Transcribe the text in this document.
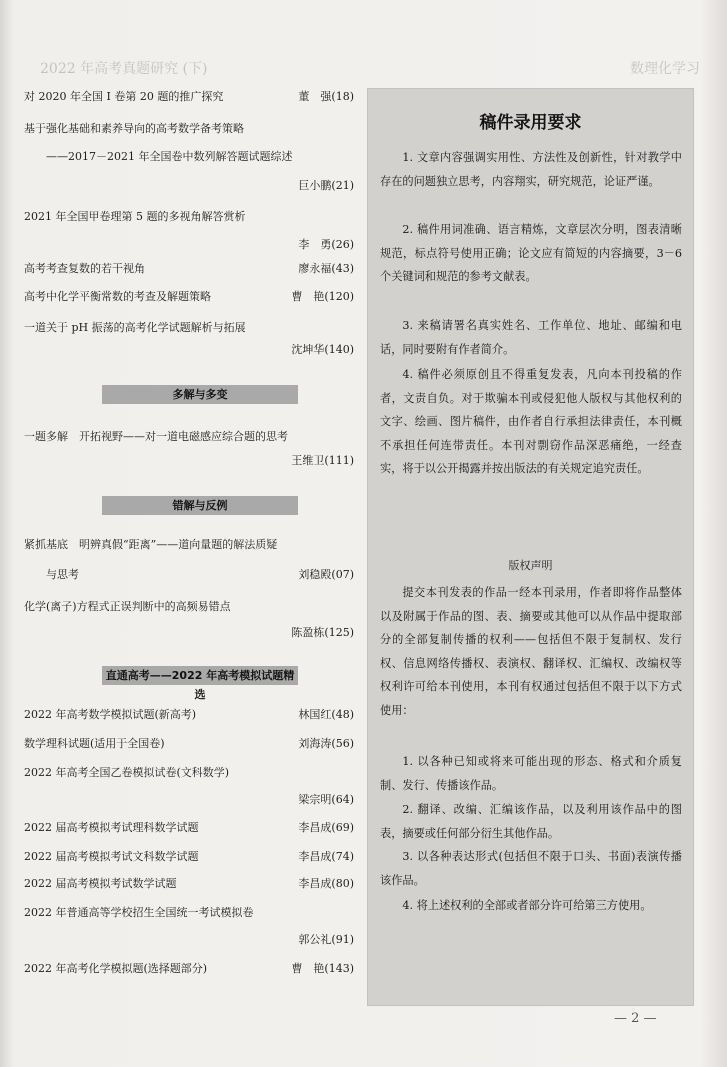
2022 年高考真题研究 (下)	数理化学习
对 2020 年全国 Ⅰ 卷第 20 题的推广探究	董　强(18)
基于强化基础和素养导向的高考数学备考策略
——2017－2021 年全国卷中数列解答题试题综述
巨小鹏(21)
2021 年全国甲卷理第 5 题的多视角解答赏析
李　勇(26)
高考考查复数的若干视角	廖永福(43)
高考中化学平衡常数的考查及解题策略	曹　艳(120)
一道关于 pH 振荡的高考化学试题解析与拓展
沈坤华(140)
多解与多变
一题多解　开拓视野——对一道电磁感应综合题的思考
王维卫(111)
错解与反例
紧抓基底　明辨真假“距离”——道向量题的解法质疑
与思考	刘稳殿(07)
化学(离子)方程式正误判断中的高频易错点
陈盈栋(125)
直通高考——2022 年高考模拟试题精选
2022 年高考数学模拟试题(新高考)	林国红(48)
数学理科试题(适用于全国卷)	刘海涛(56)
2022 年高考全国乙卷模拟试卷(文科数学)
梁宗明(64)
2022 届高考模拟考试理科数学试题	李昌成(69)
2022 届高考模拟考试文科数学试题	李昌成(74)
2022 届高考模拟考试数学试题	李昌成(80)
2022 年普通高等学校招生全国统一考试模拟卷
郭公礼(91)
2022 年高考化学模拟题(选择题部分)	曹　艳(143)
稿件录用要求
1. 文章内容强调实用性、方法性及创新性，针对教学中存在的问题独立思考，内容翔实，研究规范，论证严谨。
2. 稿件用词准确、语言精炼，文章层次分明，图表清晰规范，标点符号使用正确；论文应有简短的内容摘要，3－6 个关键词和规范的参考文献表。
3. 来稿请署名真实姓名、工作单位、地址、邮编和电话，同时要附有作者简介。
4. 稿件必须原创且不得重复发表，凡向本刊投稿的作者，文责自负。对于欺骗本刊或侵犯他人版权与其他权利的文字、绘画、图片稿件，由作者自行承担法律责任，本刊概不承担任何连带责任。本刊对剽窃作品深恶痛绝，一经查实，将于以公开揭露并按出版法的有关规定追究责任。
版权声明
提交本刊发表的作品一经本刊录用，作者即将作品整体以及附属于作品的图、表、摘要或其他可以从作品中提取部分的全部复制传播的权利——包括但不限于复制权、发行权、信息网络传播权、表演权、翻译权、汇编权、改编权等权利许可给本刊使用，本刊有权通过包括但不限于以下方式使用：
1. 以各种已知或将来可能出现的形态、格式和介质复制、发行、传播该作品。
2. 翻译、改编、汇编该作品，以及利用该作品中的图表，摘要或任何部分衍生其他作品。
3. 以各种表达形式(包括但不限于口头、书面)表演传播该作品。
4. 将上述权利的全部或者部分许可给第三方使用。
— 2 —
